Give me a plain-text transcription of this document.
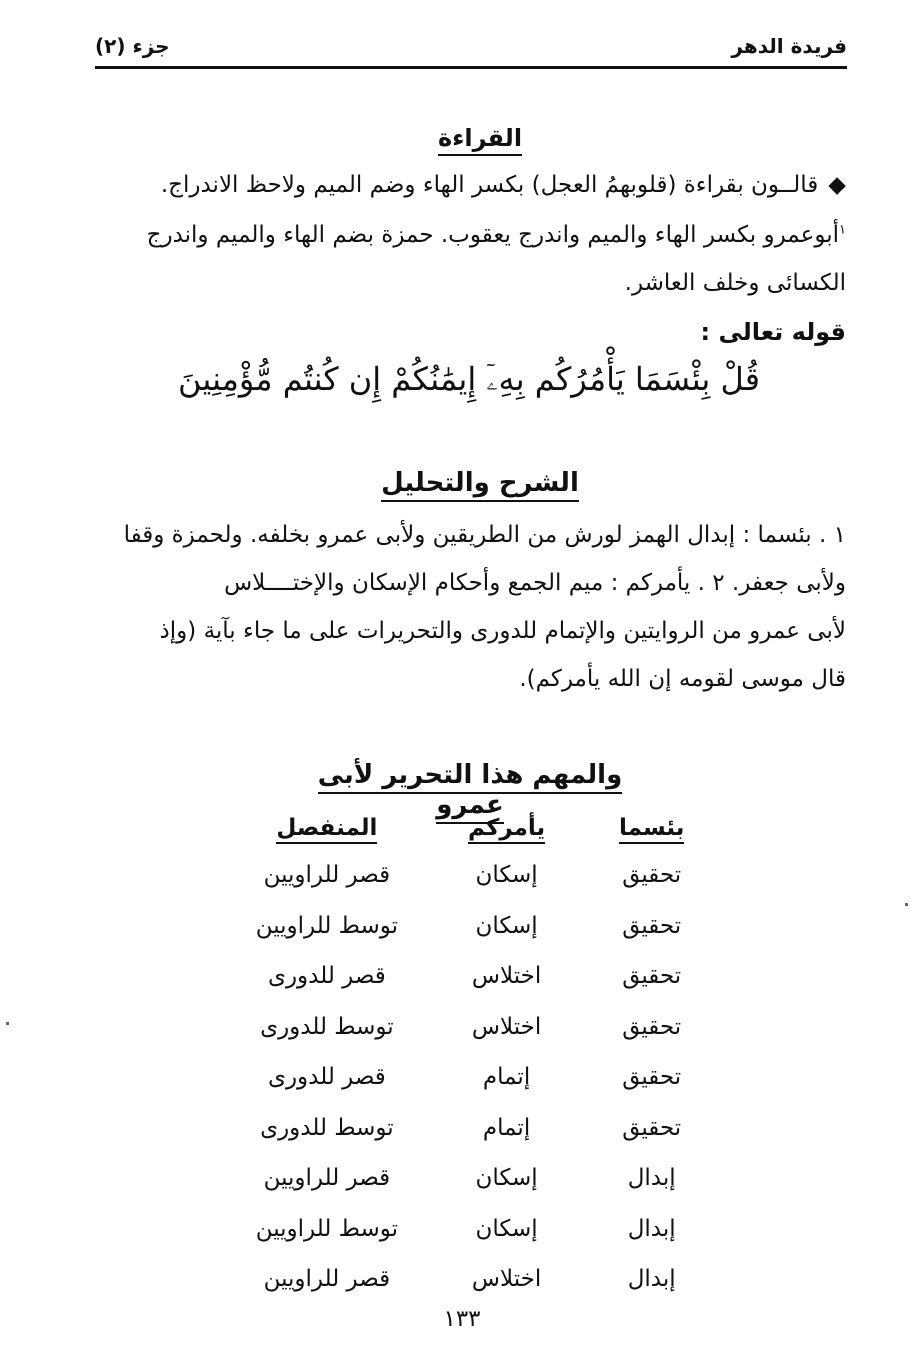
فريدة الدهر
جزء (٢)
القراءة
◆قالــون بقراءة (قلوبهمُ العجل) بكسر الهاء وضم الميم ولاحظ الاندراج.
$^١$أبوعمرو بكسر الهاء والميم واندرج يعقوب. حمزة بضم الهاء والميم واندرج
الكسائى وخلف العاشر.
قوله تعالى :
قُلْ بِئْسَمَا يَأْمُرُكُم بِهِۦٓ إِيمَٰنُكُمْ إِن كُنتُم مُّؤْمِنِينَ
الشرح والتحليل
١ . بئسما : إبدال الهمز لورش من الطريقين ولأبى عمرو بخلفه. ولحمزة وقفا
ولأبى جعفر. ٢ . يأمركم : ميم الجمع وأحكام الإسكان والإختــــلاس
لأبى عمرو من الروايتين والإتمام للدورى والتحريرات على ما جاء بآية (وإذ
قال موسى لقومه إن الله يأمركم).
والمهم هذا التحرير لأبى عمرو
بئسما	يأمركم	المنفصل
تحقيق	إسكان	قصر للراويين
تحقيق	إسكان	توسط للراويين
تحقيق	اختلاس	قصر للدورى
تحقيق	اختلاس	توسط للدورى
تحقيق	إتمام	قصر للدورى
تحقيق	إتمام	توسط للدورى
إبدال	إسكان	قصر للراويين
إبدال	إسكان	توسط للراويين
إبدال	اختلاس	قصر للراويين
١٣٣
